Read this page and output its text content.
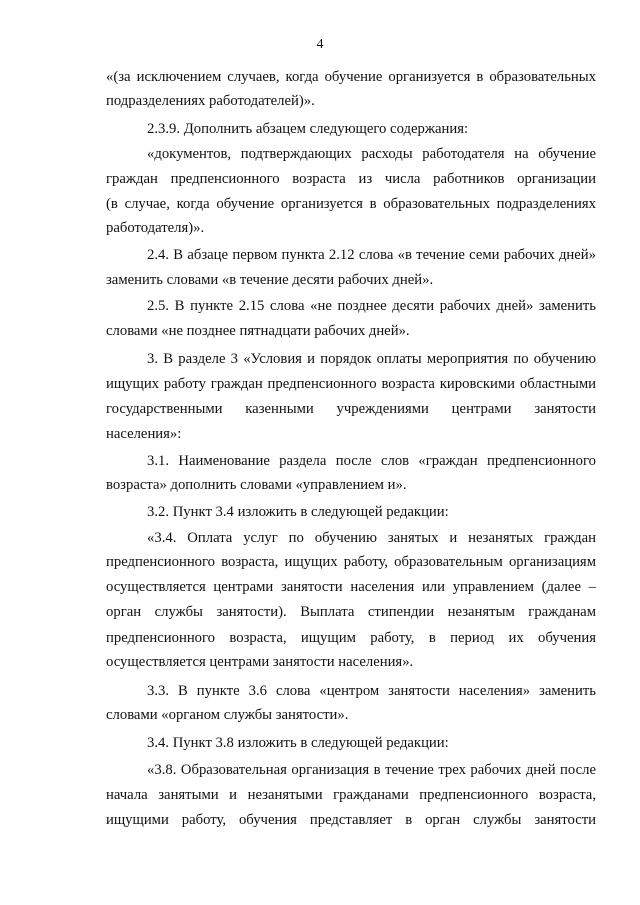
4
«(за исключением случаев, когда обучение организуется в образовательных
подразделениях работодателей)».
2.3.9. Дополнить абзацем следующего содержания:
«документов, подтверждающих расходы работодателя на обучение
граждан предпенсионного возраста из числа работников организации
(в случае, когда обучение организуется в образовательных подразделениях
работодателя)».
2.4. В абзаце первом пункта 2.12 слова «в течение семи рабочих дней»
заменить словами «в течение десяти рабочих дней».
2.5. В пункте 2.15 слова «не позднее десяти рабочих дней» заменить
словами «не позднее пятнадцати рабочих дней».
3. В разделе 3 «Условия и порядок оплаты мероприятия по обучению
ищущих работу граждан предпенсионного возраста кировскими областными
государственными казенными учреждениями центрами занятости
населения»:
3.1. Наименование раздела после слов «граждан предпенсионного
возраста» дополнить словами «управлением и».
3.2. Пункт 3.4 изложить в следующей редакции:
«3.4. Оплата услуг по обучению занятых и незанятых граждан
предпенсионного возраста, ищущих работу, образовательным организациям
осуществляется центрами занятости населения или управлением (далее –
орган службы занятости). Выплата стипендии незанятым гражданам
предпенсионного возраста, ищущим работу, в период их обучения
осуществляется центрами занятости населения».
3.3. В пункте 3.6 слова «центром занятости населения» заменить
словами «органом службы занятости».
3.4. Пункт 3.8 изложить в следующей редакции:
«3.8. Образовательная организация в течение трех рабочих дней после
начала занятыми и незанятыми гражданами предпенсионного возраста,
ищущими работу, обучения представляет в орган службы занятости
